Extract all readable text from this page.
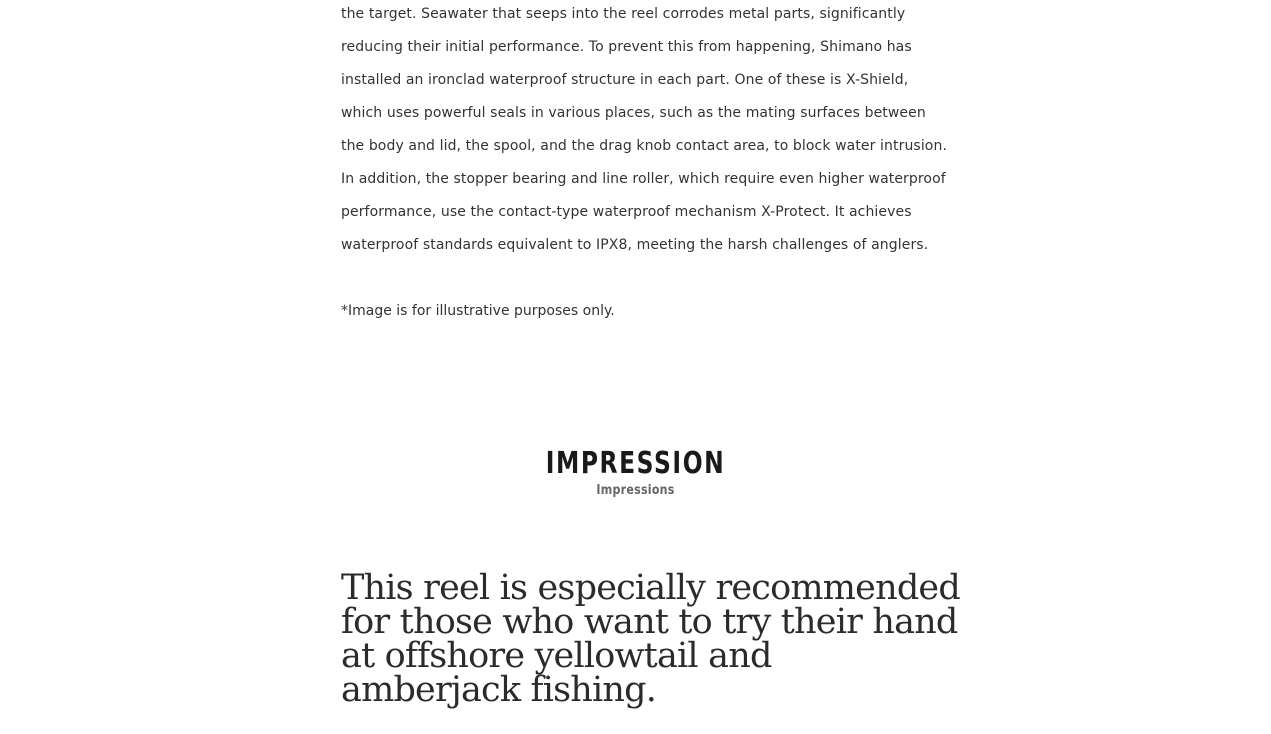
the target. Seawater that seeps into the reel corrodes metal parts, significantly reducing their initial performance. To prevent this from happening, Shimano has installed an ironclad waterproof structure in each part. One of these is X-Shield, which uses powerful seals in various places, such as the mating surfaces between the body and lid, the spool, and the drag knob contact area, to block water intrusion. In addition, the stopper bearing and line roller, which require even higher waterproof performance, use the contact-type waterproof mechanism X-Protect. It achieves waterproof standards equivalent to IPX8, meeting the harsh challenges of anglers.

*Image is for illustrative purposes only.

IMPRESSION
Impressions

This reel is especially recommended for those who want to try their hand at offshore yellowtail and amberjack fishing.
